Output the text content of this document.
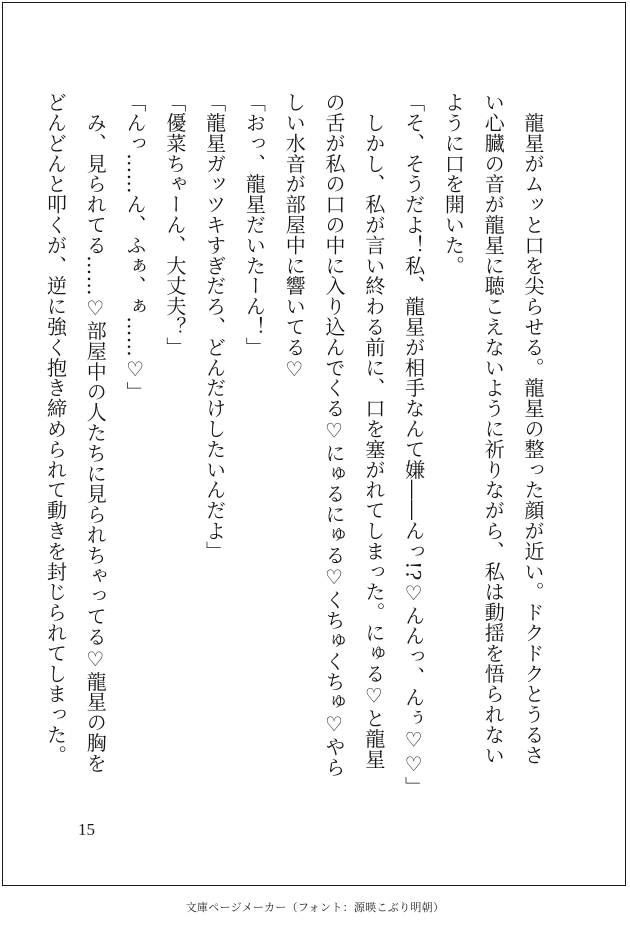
　龍星がムッと口を尖らせる。龍星の整った顔が近い。ドクドクとうるさ
い心臓の音が龍星に聴こえないように祈りながら、私は動揺を悟られない
ように口を開いた。
「そ、そうだよ！私、龍星が相手なんて嫌――んっ!?♡んんっ、んぅ♡♡」
　しかし、私が言い終わる前に、口を塞がれてしまった。にゅる♡と龍星
の舌が私の口の中に入り込んでくる♡にゅるにゅる♡くちゅくちゅ♡やら
しい水音が部屋中に響いてる♡
「おっ、龍星だいたーん！」
「龍星ガッツキすぎだろ、どんだけしたいんだよ」
「優菜ちゃーん、大丈夫？」
「んっ……ん、ふぁ、ぁ……♡」
　み、見られてる……♡部屋中の人たちに見られちゃってる♡龍星の胸を
どんどんと叩くが、逆に強く抱き締められて動きを封じられてしまった。
15
文庫ページメーカー（フォント：源暎こぶり明朝）
